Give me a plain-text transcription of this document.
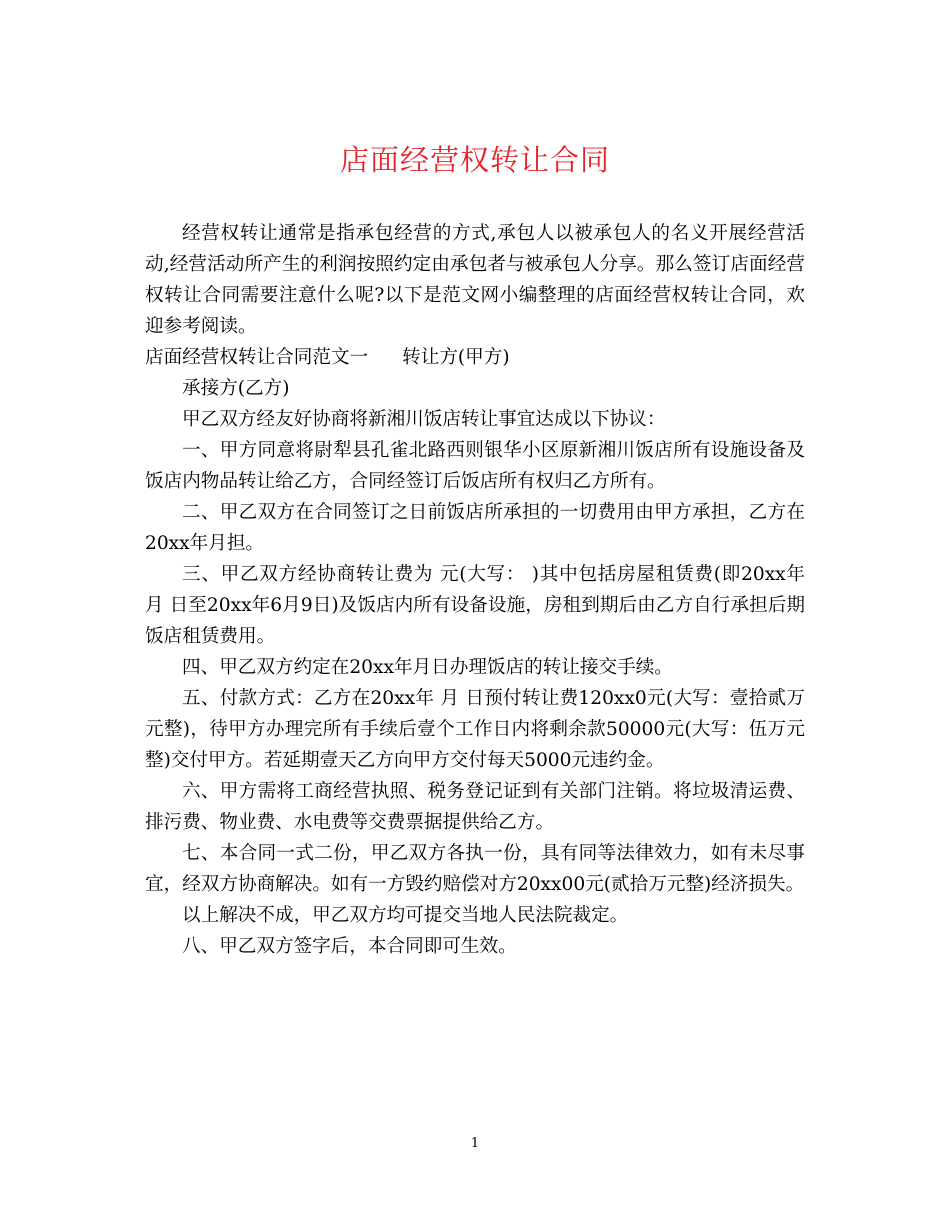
店面经营权转让合同

经营权转让通常是指承包经营的方式,承包人以被承包人的名义开展经营活动,经营活动所产生的利润按照约定由承包者与被承包人分享。那么签订店面经营权转让合同需要注意什么呢?以下是范文网小编整理的店面经营权转让合同，欢迎参考阅读。

店面经营权转让合同范文一 转让方(甲方)

承接方(乙方)

甲乙双方经友好协商将新湘川饭店转让事宜达成以下协议：

一、甲方同意将尉犁县孔雀北路西则银华小区原新湘川饭店所有设施设备及饭店内物品转让给乙方，合同经签订后饭店所有权归乙方所有。

二、甲乙双方在合同签订之日前饭店所承担的一切费用由甲方承担，乙方在20xx年月担。

三、甲乙双方经协商转让费为 元(大写： )其中包括房屋租赁费(即20xx年 月 日至20xx年6月9日)及饭店内所有设备设施，房租到期后由乙方自行承担后期饭店租赁费用。

四、甲乙双方约定在20xx年月日办理饭店的转让接交手续。

五、付款方式：乙方在20xx年 月 日预付转让费120xx0元(大写：壹拾贰万元整)，待甲方办理完所有手续后壹个工作日内将剩余款50000元(大写：伍万元整)交付甲方。若延期壹天乙方向甲方交付每天5000元违约金。

六、甲方需将工商经营执照、税务登记证到有关部门注销。将垃圾清运费、排污费、物业费、水电费等交费票据提供给乙方。

七、本合同一式二份，甲乙双方各执一份，具有同等法律效力，如有未尽事宜，经双方协商解决。如有一方毁约赔偿对方20xx00元(贰拾万元整)经济损失。

以上解决不成，甲乙双方均可提交当地人民法院裁定。

八、甲乙双方签字后，本合同即可生效。

1
